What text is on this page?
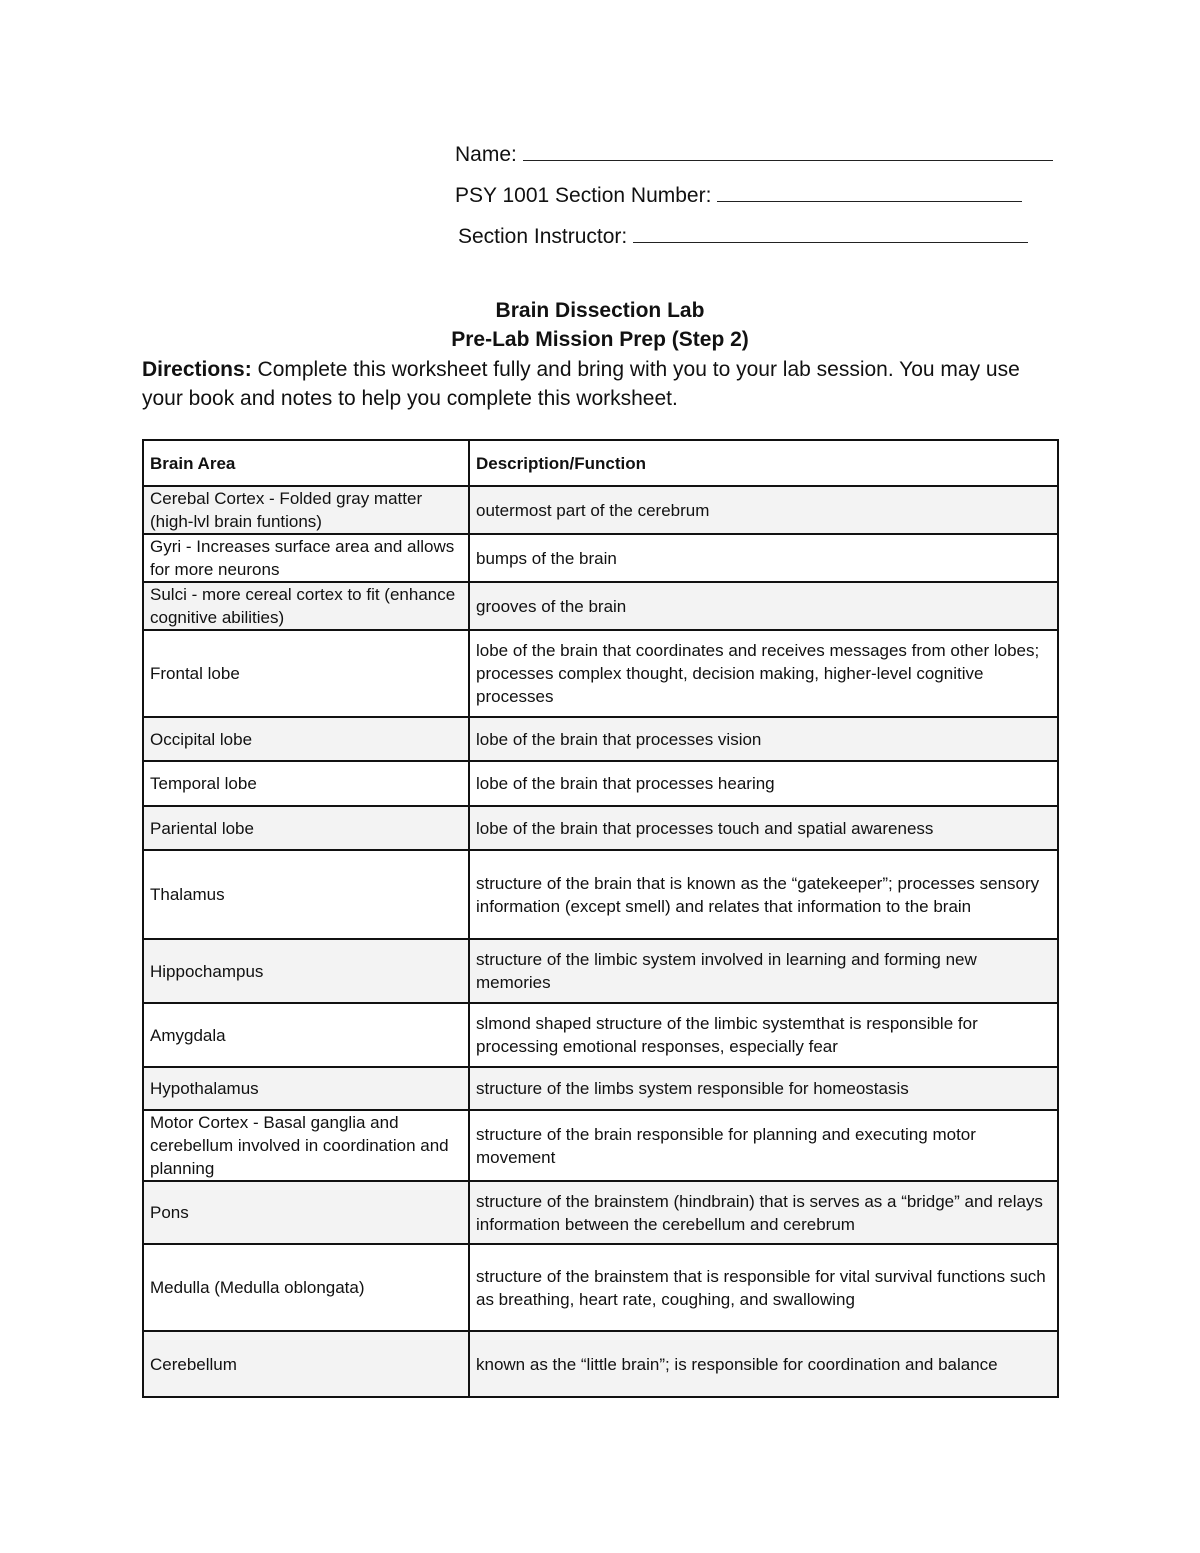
Name:
PSY 1001 Section Number:
Section Instructor:
Brain Dissection Lab
Pre-Lab Mission Prep (Step 2)
Directions: Complete this worksheet fully and bring with you to your lab session. You may use your book and notes to help you complete this worksheet.
Brain Area	Description/Function
Cerebal Cortex - Folded gray matter (high-lvl brain funtions)	outermost part of the cerebrum
Gyri - Increases surface area and allows for more neurons	bumps of the brain
Sulci - more cereal cortex to fit (enhance cognitive abilities)	grooves of the brain
Frontal lobe	lobe of the brain that coordinates and receives messages from other lobes; processes complex thought, decision making, higher-level cognitive processes
Occipital lobe	lobe of the brain that processes vision
Temporal lobe	lobe of the brain that processes hearing
Pariental lobe	lobe of the brain that processes touch and spatial awareness
Thalamus	structure of the brain that is known as the “gatekeeper”; processes sensory information (except smell) and relates that information to the brain
Hippochampus	structure of the limbic system involved in learning and forming new memories
Amygdala	slmond shaped structure of the limbic systemthat is responsible for processing emotional responses, especially fear
Hypothalamus	structure of the limbs system responsible for homeostasis
Motor Cortex - Basal ganglia and cerebellum involved in coordination and planning	structure of the brain responsible for planning and executing motor movement
Pons	structure of the brainstem (hindbrain) that is serves as a “bridge” and relays information between the cerebellum and cerebrum
Medulla (Medulla oblongata)	structure of the brainstem that is responsible for vital survival functions such as breathing, heart rate, coughing, and swallowing
Cerebellum	known as the “little brain”; is responsible for coordination and balance
